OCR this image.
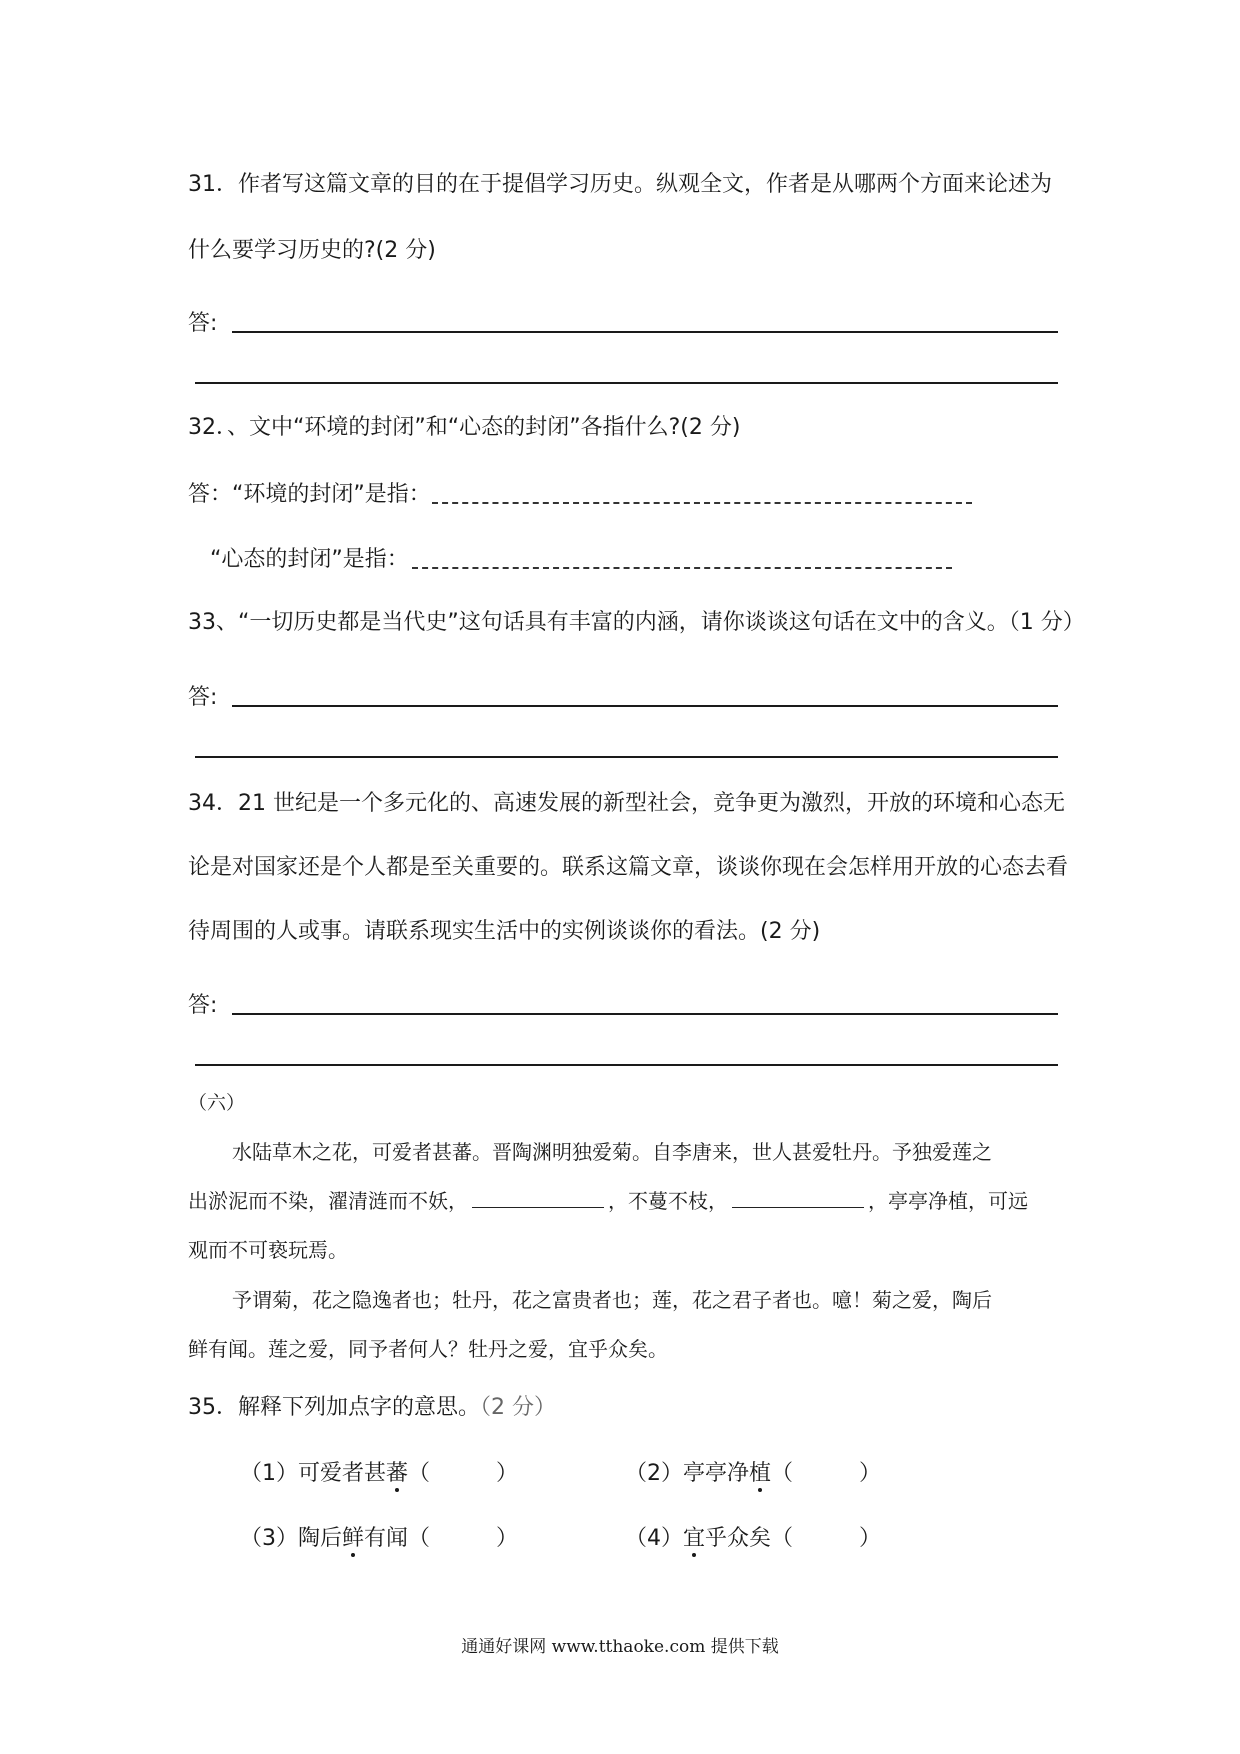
31．作者写这篇文章的目的在于提倡学习历史。纵观全文，作者是从哪两个方面来论述为
什么要学习历史的?(2 分)
答:
32．、文中“环境的封闭”和“心态的封闭”各指什么?(2 分)
答：“环境的封闭”是指：
“心态的封闭”是指：
33、“一切历史都是当代史”这句话具有丰富的内涵，请你谈谈这句话在文中的含义。（1 分）
答:
34．21 世纪是一个多元化的、高速发展的新型社会，竞争更为激烈，开放的环境和心态无
论是对国家还是个人都是至关重要的。联系这篇文章，谈谈你现在会怎样用开放的心态去看
待周围的人或事。请联系现实生活中的实例谈谈你的看法。(2 分)
答:
（六）
水陆草木之花，可爱者甚蕃。晋陶渊明独爱菊。自李唐来，世人甚爱牡丹。予独爱莲之
出淤泥而不染，濯清涟而不妖，	，不蔓不枝，	，亭亭净植，可远
观而不可亵玩焉。
予谓菊，花之隐逸者也；牡丹，花之富贵者也；莲，花之君子者也。噫！菊之爱，陶后
鲜有闻。莲之爱，同予者何人？牡丹之爱，宜乎众矣。
35．解释下列加点字的意思。（2 分）
（1）可爱者甚蕃（　　　）	（2）亭亭净植（　　　）
（3）陶后鲜有闻（　　　）	（4）宜乎众矣（　　　）
通通好课网 www.tthaoke.com 提供下载
